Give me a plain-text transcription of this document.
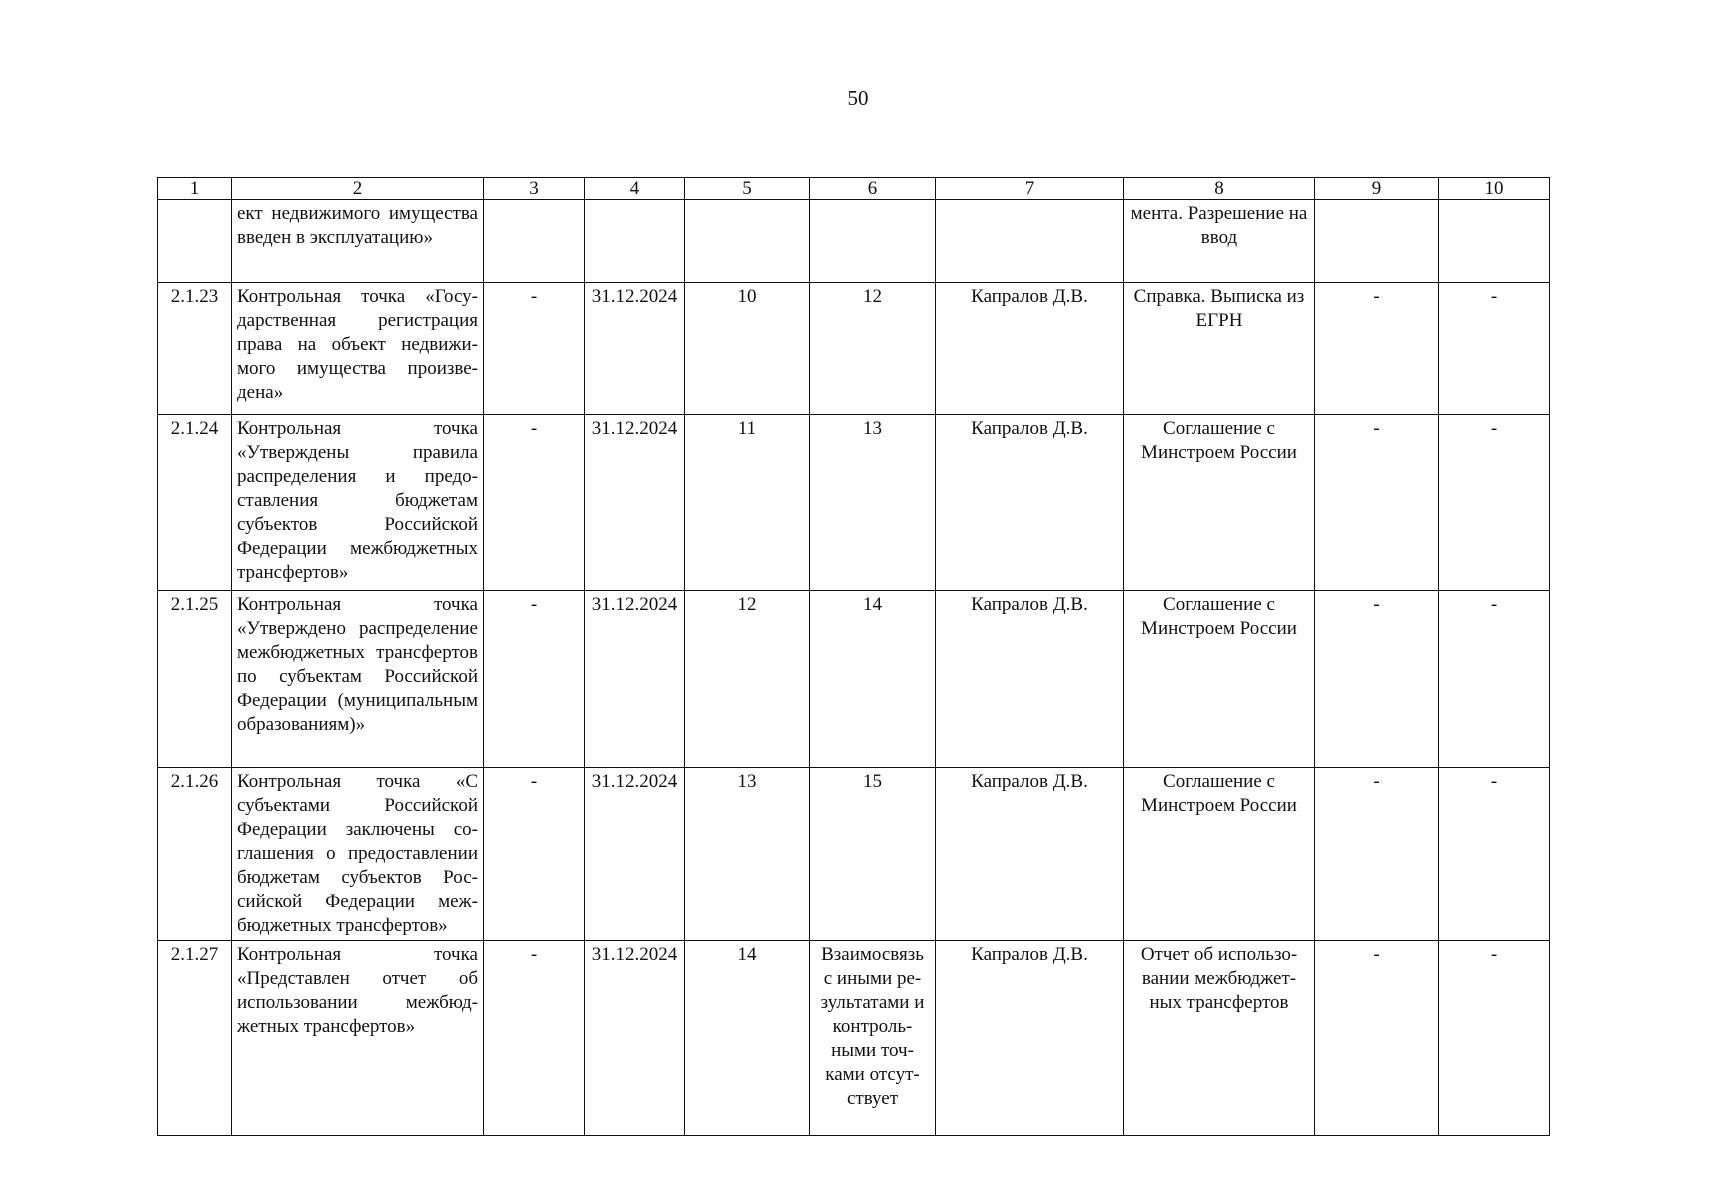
50
1	2	3	4	5	6	7	8	9	10
	ект недвижимого имущества введен в эксплуатацию»						мента. Разрешение на ввод		
2.1.23	Контрольная точка «Государственная регистрация права на объект недвижимого имущества произведена»	-	31.12.2024	10	12	Капралов Д.В.	Справка. Выписка из ЕГРН	-	-
2.1.24	Контрольная точка «Утверждены правила распределения и предоставления бюджетам субъектов Российской Федерации межбюджетных трансфертов»	-	31.12.2024	11	13	Капралов Д.В.	Соглашение с Минстроем России	-	-
2.1.25	Контрольная точка «Утверждено распределение межбюджетных трансфертов по субъектам Российской Федерации (муниципальным образованиям)»	-	31.12.2024	12	14	Капралов Д.В.	Соглашение с Минстроем России	-	-
2.1.26	Контрольная точка «С субъектами Российской Федерации заключены соглашения о предоставлении бюджетам субъектов Российской Федерации межбюджетных трансфертов»	-	31.12.2024	13	15	Капралов Д.В.	Соглашение с Минстроем России	-	-
2.1.27	Контрольная точка «Представлен отчет об использовании межбюджетных трансфертов»	-	31.12.2024	14	Взаимосвязь с иными результатами и контрольными точками отсутствует	Капралов Д.В.	Отчет об использовании межбюджетных трансфертов	-	-
